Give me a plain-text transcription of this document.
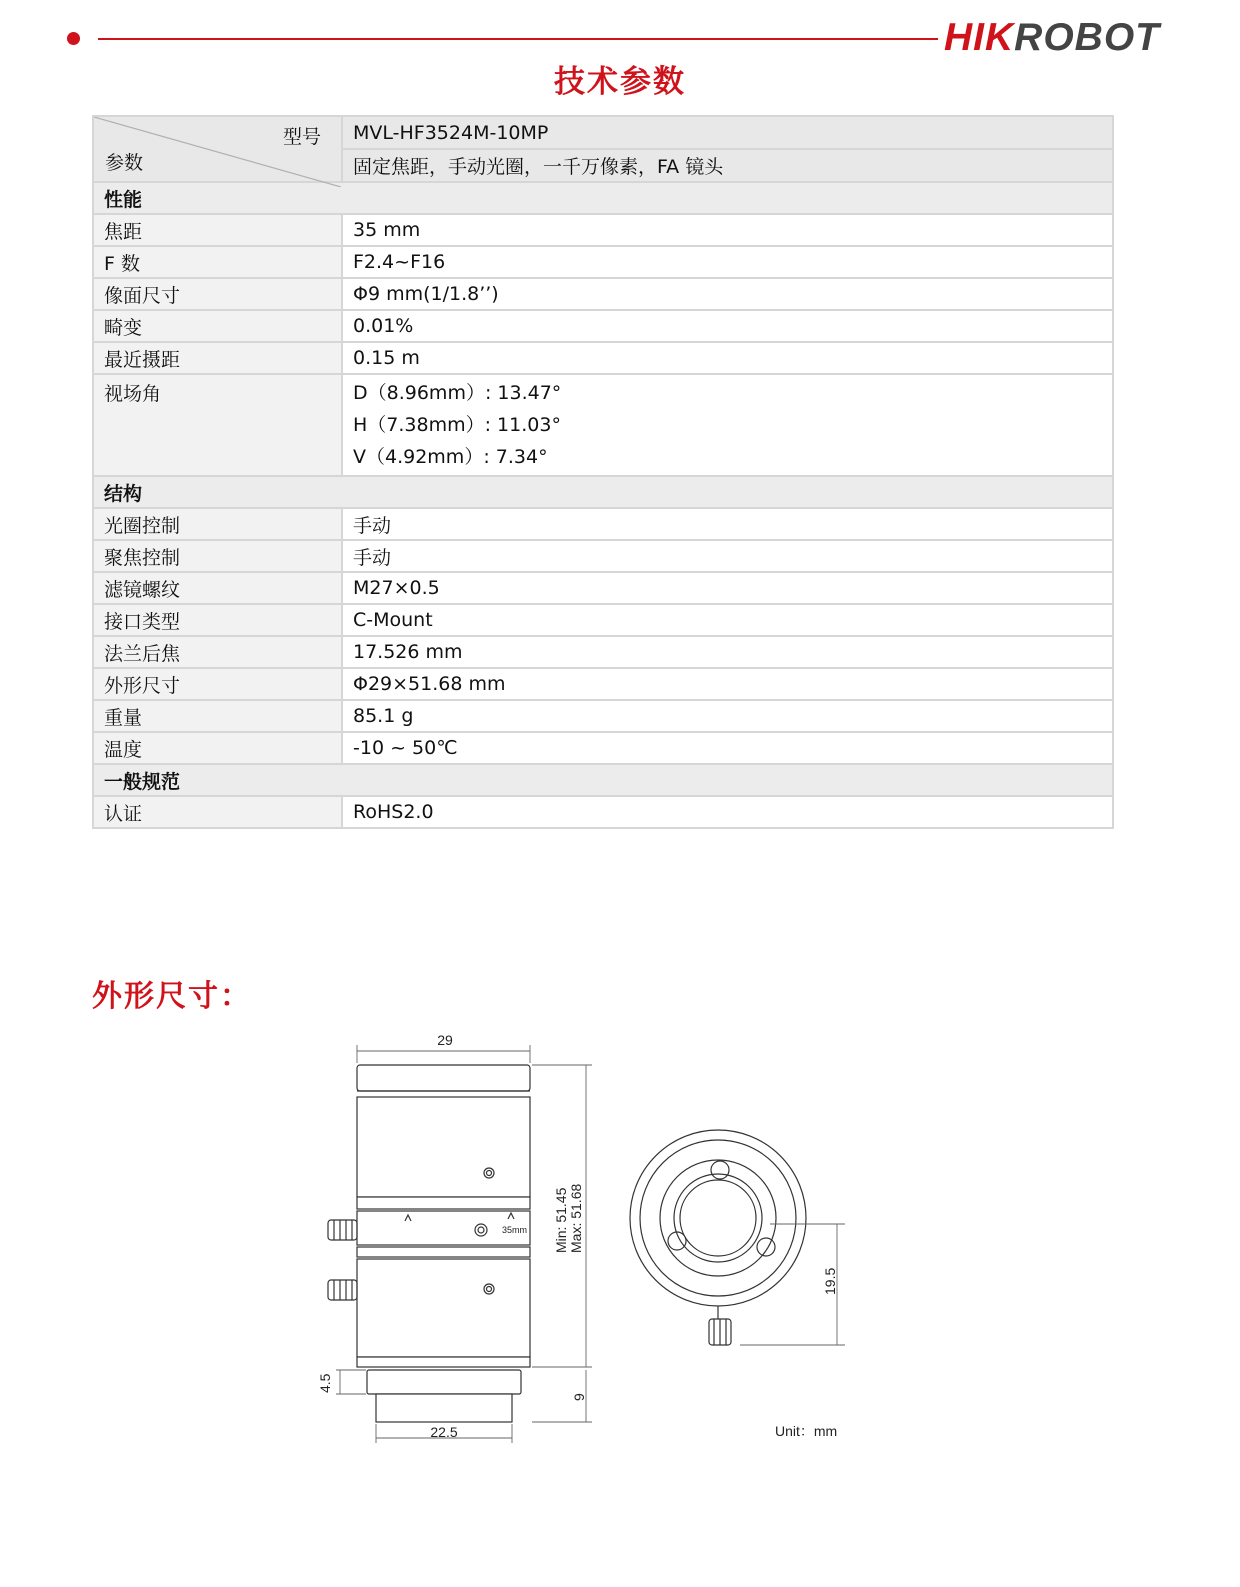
HIKROBOT
技术参数
型号
参数	MVL-HF3524M-10MP
	固定焦距，手动光圈，一千万像素，FA 镜头
性能	
焦距	35 mm
F 数	F2.4~F16
像面尺寸	Φ9 mm(1/1.8’’)
畸变	0.01%
最近摄距	0.15 m
视场角	D（8.96mm）: 13.47°
H（7.38mm）: 11.03°
V（4.92mm）: 7.34°

结构	
光圈控制	手动
聚焦控制	手动
滤镜螺纹	M27×0.5
接口类型	C-Mount
法兰后焦	17.526 mm
外形尺寸	Φ29×51.68 mm
重量	85.1 g
温度	-10 ~ 50℃
一般规范	
认证	RoHS2.0
外形尺寸：
29
35mm Min: 51.45 Max: 51.68
4.5
9
22.5
19.5
Unit：mm
